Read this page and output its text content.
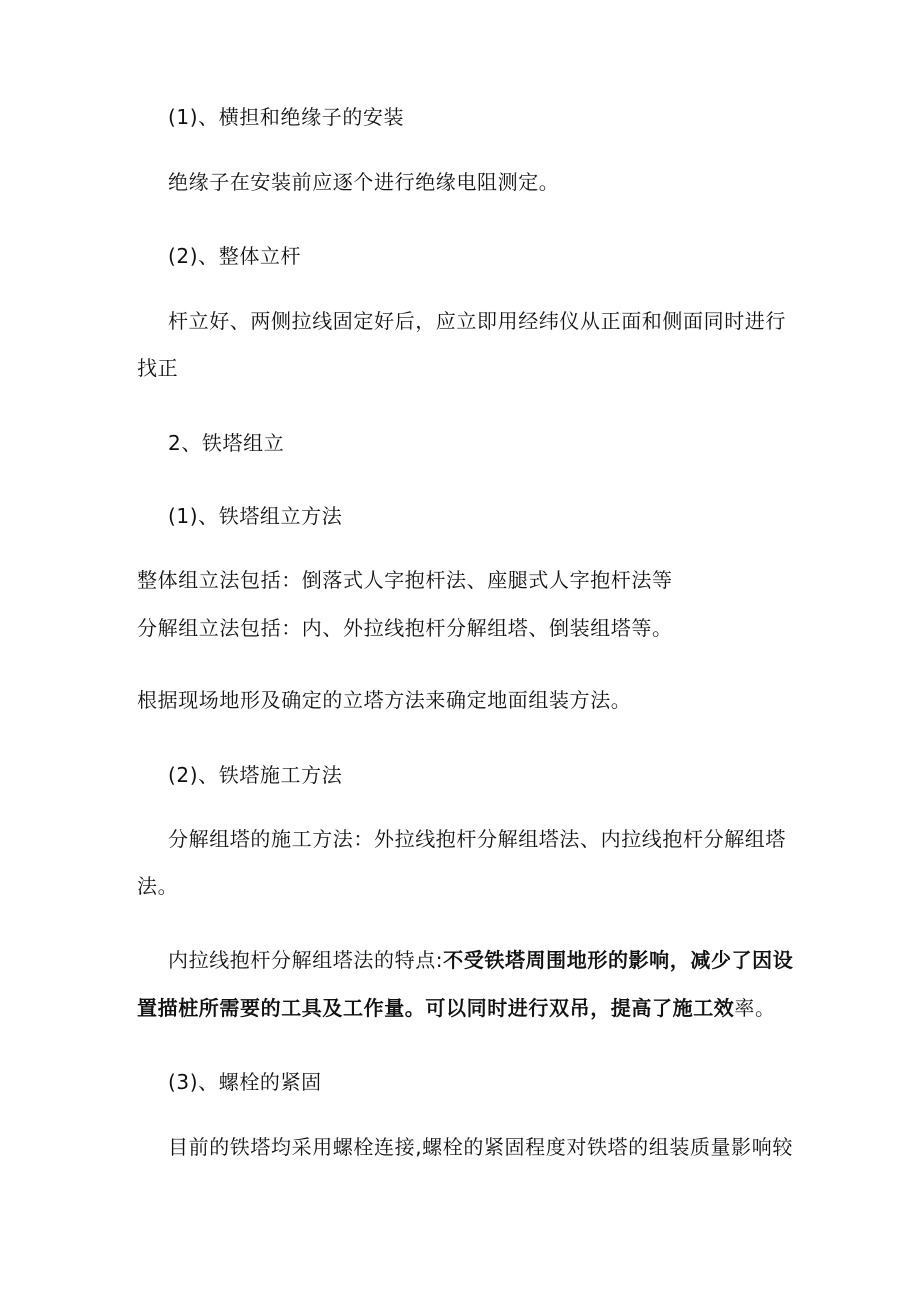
(1)、横担和绝缘子的安装
绝缘子在安装前应逐个进行绝缘电阻测定。
(2)、整体立杆
杆立好、两侧拉线固定好后，应立即用经纬仪从正面和侧面同时进行
找正
2、铁塔组立
(1)、铁塔组立方法
整体组立法包括：倒落式人字抱杆法、座腿式人字抱杆法等
分解组立法包括：内、外拉线抱杆分解组塔、倒装组塔等。
根据现场地形及确定的立塔方法来确定地面组装方法。
(2)、铁塔施工方法
分解组塔的施工方法：外拉线抱杆分解组塔法、内拉线抱杆分解组塔
法。
内拉线抱杆分解组塔法的特点:不受铁塔周围地形的影响，减少了因设
置描桩所需要的工具及工作量。可以同时进行双吊，提高了施工效率。
(3)、螺栓的紧固
目前的铁塔均采用螺栓连接,螺栓的紧固程度对铁塔的组装质量影响较
